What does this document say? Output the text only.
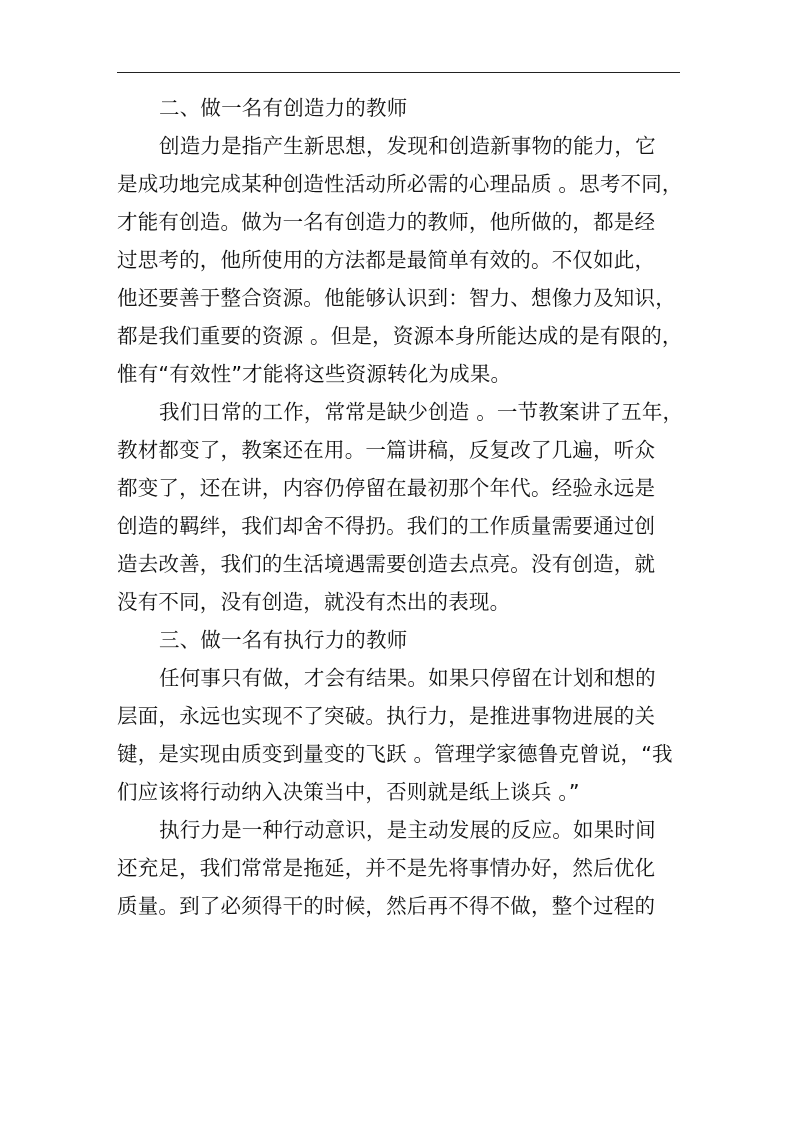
二、做一名有创造力的教师
创造力是指产生新思想，发现和创造新事物的能力，它
是成功地完成某种创造性活动所必需的心理品质 。思考不同，
才能有创造。做为一名有创造力的教师，他所做的，都是经
过思考的，他所使用的方法都是最简单有效的。不仅如此，
他还要善于整合资源。他能够认识到：智力、想像力及知识，
都是我们重要的资源 。但是，资源本身所能达成的是有限的，
惟有“有效性”才能将这些资源转化为成果。
我们日常的工作，常常是缺少创造 。一节教案讲了五年，
教材都变了，教案还在用。一篇讲稿，反复改了几遍，听众
都变了，还在讲，内容仍停留在最初那个年代。经验永远是
创造的羁绊，我们却舍不得扔。我们的工作质量需要通过创
造去改善，我们的生活境遇需要创造去点亮。没有创造，就
没有不同，没有创造，就没有杰出的表现。
三、做一名有执行力的教师
任何事只有做，才会有结果。如果只停留在计划和想的
层面，永远也实现不了突破。执行力，是推进事物进展的关
键，是实现由质变到量变的飞跃 。管理学家德鲁克曾说，“我
们应该将行动纳入决策当中，否则就是纸上谈兵 。”
执行力是一种行动意识，是主动发展的反应。如果时间
还充足，我们常常是拖延，并不是先将事情办好，然后优化
质量。到了必须得干的时候，然后再不得不做，整个过程的
